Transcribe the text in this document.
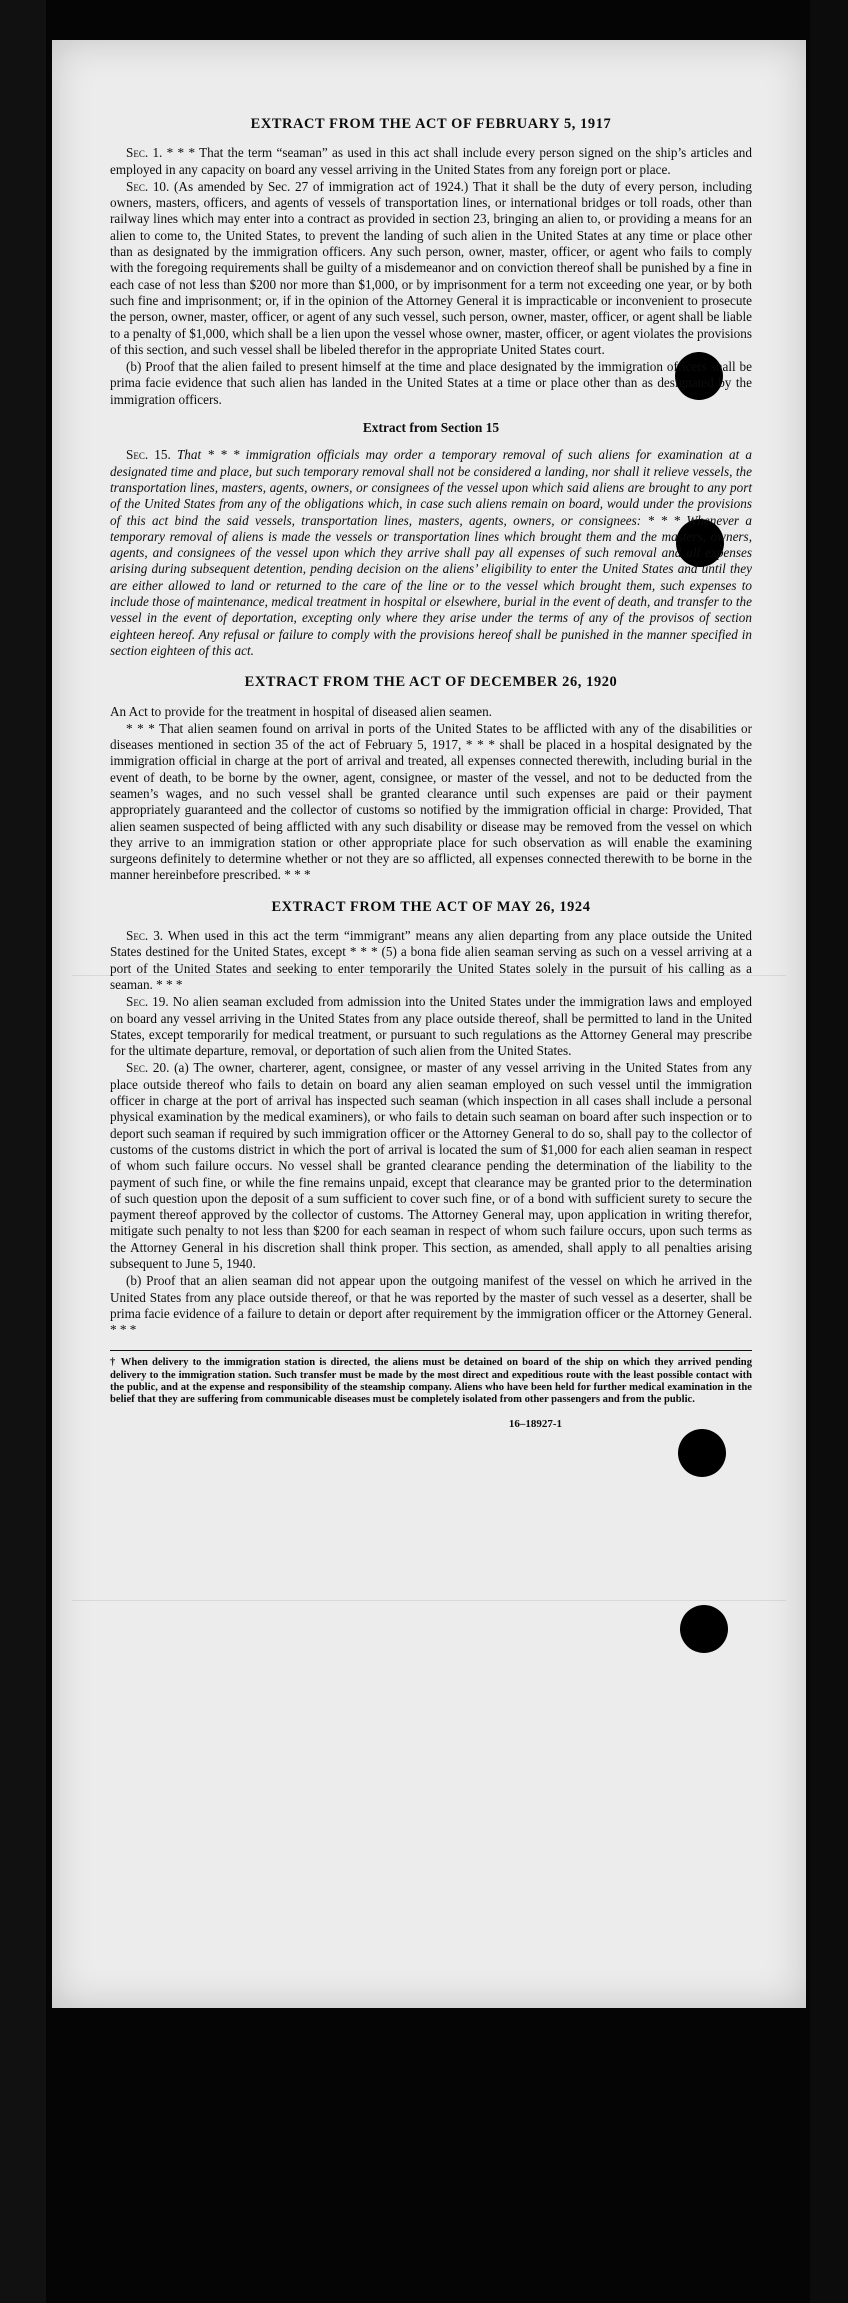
EXTRACT FROM THE ACT OF FEBRUARY 5, 1917

Sec. 1. * * * That the term “seaman” as used in this act shall include every person signed on the ship’s articles and employed in any capacity on board any vessel arriving in the United States from any foreign port or place.

Sec. 10. (As amended by Sec. 27 of immigration act of 1924.) That it shall be the duty of every person, including owners, masters, officers, and agents of vessels of transportation lines, or international bridges or toll roads, other than railway lines which may enter into a contract as provided in section 23, bringing an alien to, or providing a means for an alien to come to, the United States, to prevent the landing of such alien in the United States at any time or place other than as designated by the immigration officers. Any such person, owner, master, officer, or agent who fails to comply with the foregoing requirements shall be guilty of a misdemeanor and on conviction thereof shall be punished by a fine in each case of not less than $200 nor more than $1,000, or by imprisonment for a term not exceeding one year, or by both such fine and imprisonment; or, if in the opinion of the Attorney General it is impracticable or inconvenient to prosecute the person, owner, master, officer, or agent of any such vessel, such person, owner, master, officer, or agent shall be liable to a penalty of $1,000, which shall be a lien upon the vessel whose owner, master, officer, or agent violates the provisions of this section, and such vessel shall be libeled therefor in the appropriate United States court.

(b) Proof that the alien failed to present himself at the time and place designated by the immigration officers shall be prima facie evidence that such alien has landed in the United States at a time or place other than as designated by the immigration officers.

Extract from Section 15

Sec. 15. That * * * immigration officials may order a temporary removal of such aliens for examination at a designated time and place, but such temporary removal shall not be considered a landing, nor shall it relieve vessels, the transportation lines, masters, agents, owners, or consignees of the vessel upon which said aliens are brought to any port of the United States from any of the obligations which, in case such aliens remain on board, would under the provisions of this act bind the said vessels, transportation lines, masters, agents, owners, or consignees: * * * Whenever a temporary removal of aliens is made the vessels or transportation lines which brought them and the masters, owners, agents, and consignees of the vessel upon which they arrive shall pay all expenses of such removal and all expenses arising during subsequent detention, pending decision on the aliens’ eligibility to enter the United States and until they are either allowed to land or returned to the care of the line or to the vessel which brought them, such expenses to include those of maintenance, medical treatment in hospital or elsewhere, burial in the event of death, and transfer to the vessel in the event of deportation, excepting only where they arise under the terms of any of the provisos of section eighteen hereof. Any refusal or failure to comply with the provisions hereof shall be punished in the manner specified in section eighteen of this act.

EXTRACT FROM THE ACT OF DECEMBER 26, 1920

An Act to provide for the treatment in hospital of diseased alien seamen.

* * * That alien seamen found on arrival in ports of the United States to be afflicted with any of the disabilities or diseases mentioned in section 35 of the act of February 5, 1917, * * * shall be placed in a hospital designated by the immigration official in charge at the port of arrival and treated, all expenses connected therewith, including burial in the event of death, to be borne by the owner, agent, consignee, or master of the vessel, and not to be deducted from the seamen’s wages, and no such vessel shall be granted clearance until such expenses are paid or their payment appropriately guaranteed and the collector of customs so notified by the immigration official in charge: Provided, That alien seamen suspected of being afflicted with any such disability or disease may be removed from the vessel on which they arrive to an immigration station or other appropriate place for such observation as will enable the examining surgeons definitely to determine whether or not they are so afflicted, all expenses connected therewith to be borne in the manner hereinbefore prescribed. * * *

EXTRACT FROM THE ACT OF MAY 26, 1924

Sec. 3. When used in this act the term “immigrant” means any alien departing from any place outside the United States destined for the United States, except * * * (5) a bona fide alien seaman serving as such on a vessel arriving at a port of the United States and seeking to enter temporarily the United States solely in the pursuit of his calling as a seaman. * * *

Sec. 19. No alien seaman excluded from admission into the United States under the immigration laws and employed on board any vessel arriving in the United States from any place outside thereof, shall be permitted to land in the United States, except temporarily for medical treatment, or pursuant to such regulations as the Attorney General may prescribe for the ultimate departure, removal, or deportation of such alien from the United States.

Sec. 20. (a) The owner, charterer, agent, consignee, or master of any vessel arriving in the United States from any place outside thereof who fails to detain on board any alien seaman employed on such vessel until the immigration officer in charge at the port of arrival has inspected such seaman (which inspection in all cases shall include a personal physical examination by the medical examiners), or who fails to detain such seaman on board after such inspection or to deport such seaman if required by such immigration officer or the Attorney General to do so, shall pay to the collector of customs of the customs district in which the port of arrival is located the sum of $1,000 for each alien seaman in respect of whom such failure occurs. No vessel shall be granted clearance pending the determination of the liability to the payment of such fine, or while the fine remains unpaid, except that clearance may be granted prior to the determination of such question upon the deposit of a sum sufficient to cover such fine, or of a bond with sufficient surety to secure the payment thereof approved by the collector of customs. The Attorney General may, upon application in writing therefor, mitigate such penalty to not less than $200 for each seaman in respect of whom such failure occurs, upon such terms as the Attorney General in his discretion shall think proper. This section, as amended, shall apply to all penalties arising subsequent to June 5, 1940.

(b) Proof that an alien seaman did not appear upon the outgoing manifest of the vessel on which he arrived in the United States from any place outside thereof, or that he was reported by the master of such vessel as a deserter, shall be prima facie evidence of a failure to detain or deport after requirement by the immigration officer or the Attorney General. * * *

† When delivery to the immigration station is directed, the aliens must be detained on board of the ship on which they arrived pending delivery to the immigration station. Such transfer must be made by the most direct and expeditious route with the least possible contact with the public, and at the expense and responsibility of the steamship company. Aliens who have been held for further medical examination in the belief that they are suffering from communicable diseases must be completely isolated from other passengers and from the public.
16–18927-1
